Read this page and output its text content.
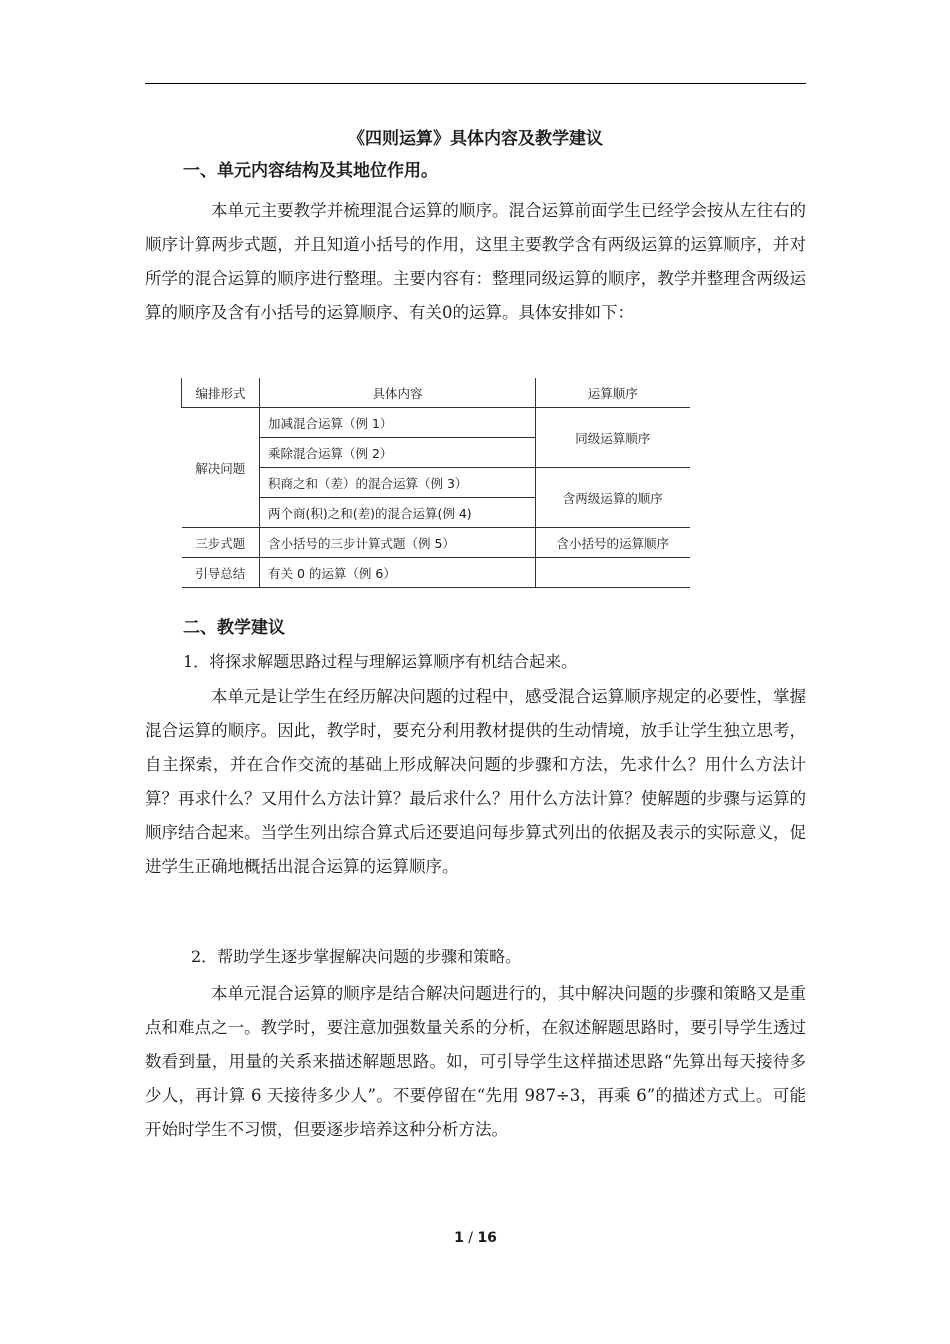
《四则运算》具体内容及教学建议
一、单元内容结构及其地位作用。

本单元主要教学并梳理混合运算的顺序。混合运算前面学生已经学会按从左往右的顺序计算两步式题，并且知道小括号的作用，这里主要教学含有两级运算的运算顺序，并对所学的混合运算的顺序进行整理。主要内容有：整理同级运算的顺序，教学并整理含两级运算的顺序及含有小括号的运算顺序、有关0的运算。具体安排如下：

编排形式	具体内容	运算顺序
解决问题	加减混合运算（例 1）	同级运算顺序
	乘除混合运算（例 2）	
	积商之和（差）的混合运算（例 3）	含两级运算的顺序
	两个商(积)之和(差)的混合运算(例 4)	
三步式题	含小括号的三步计算式题（例 5）	含小括号的运算顺序
引导总结	有关 0 的运算（例 6）	
二、教学建议
1．将探求解题思路过程与理解运算顺序有机结合起来。

本单元是让学生在经历解决问题的过程中，感受混合运算顺序规定的必要性，掌握混合运算的顺序。因此，教学时，要充分利用教材提供的生动情境，放手让学生独立思考，自主探索，并在合作交流的基础上形成解决问题的步骤和方法，先求什么？用什么方法计算？再求什么？又用什么方法计算？最后求什么？用什么方法计算？使解题的步骤与运算的顺序结合起来。当学生列出综合算式后还要追问每步算式列出的依据及表示的实际意义，促进学生正确地概括出混合运算的运算顺序。

2．帮助学生逐步掌握解决问题的步骤和策略。

本单元混合运算的顺序是结合解决问题进行的，其中解决问题的步骤和策略又是重点和难点之一。教学时，要注意加强数量关系的分析，在叙述解题思路时，要引导学生透过数看到量，用量的关系来描述解题思路。如，可引导学生这样描述思路“先算出每天接待多少人，再计算 6 天接待多少人”。不要停留在“先用 987÷3，再乘 6”的描述方式上。可能开始时学生不习惯，但要逐步培养这种分析方法。

1 / 16
